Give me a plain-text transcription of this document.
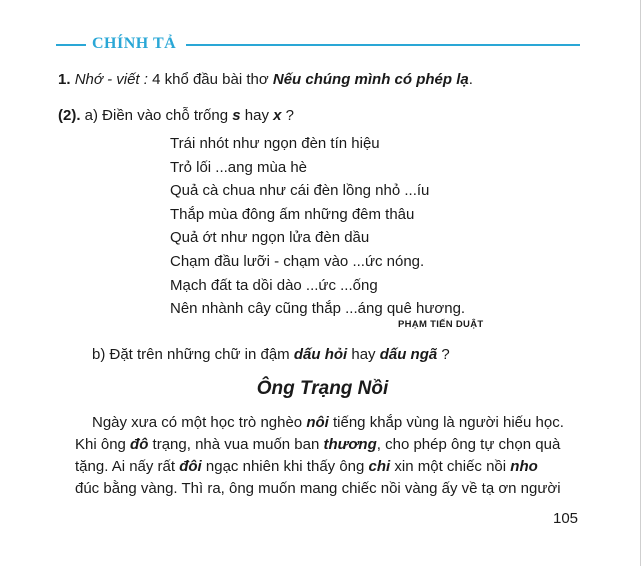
CHÍNH TẢ
1. Nhớ - viết : 4 khổ đầu bài thơ Nếu chúng mình có phép lạ.
(2). a) Điền vào chỗ trống s hay x ?
Trái nhót như ngọn đèn tín hiệu
Trỏ lối ...ang mùa hè
Quả cà chua như cái đèn lồng nhỏ ...íu
Thắp mùa đông ấm những đêm thâu
Quả ớt như ngọn lửa đèn dầu
Chạm đầu lưỡi - chạm vào ...ức nóng.
Mạch đất ta dồi dào ...ức ...ống
Nên nhành cây cũng thắp ...áng quê hương.
PHẠM TIẾN DUẬT
b) Đặt trên những chữ in đậm dấu hỏi hay dấu ngã ?
Ông Trạng Nồi
Ngày xưa có một học trò nghèo nôi tiếng khắp vùng là người hiếu học.
Khi ông đô trạng, nhà vua muốn ban thương, cho phép ông tự chọn quà
tặng. Ai nấy rất đôi ngạc nhiên khi thấy ông chi xin một chiếc nồi nho
đúc bằng vàng. Thì ra, ông muốn mang chiếc nồi vàng ấy về tạ ơn người
105
